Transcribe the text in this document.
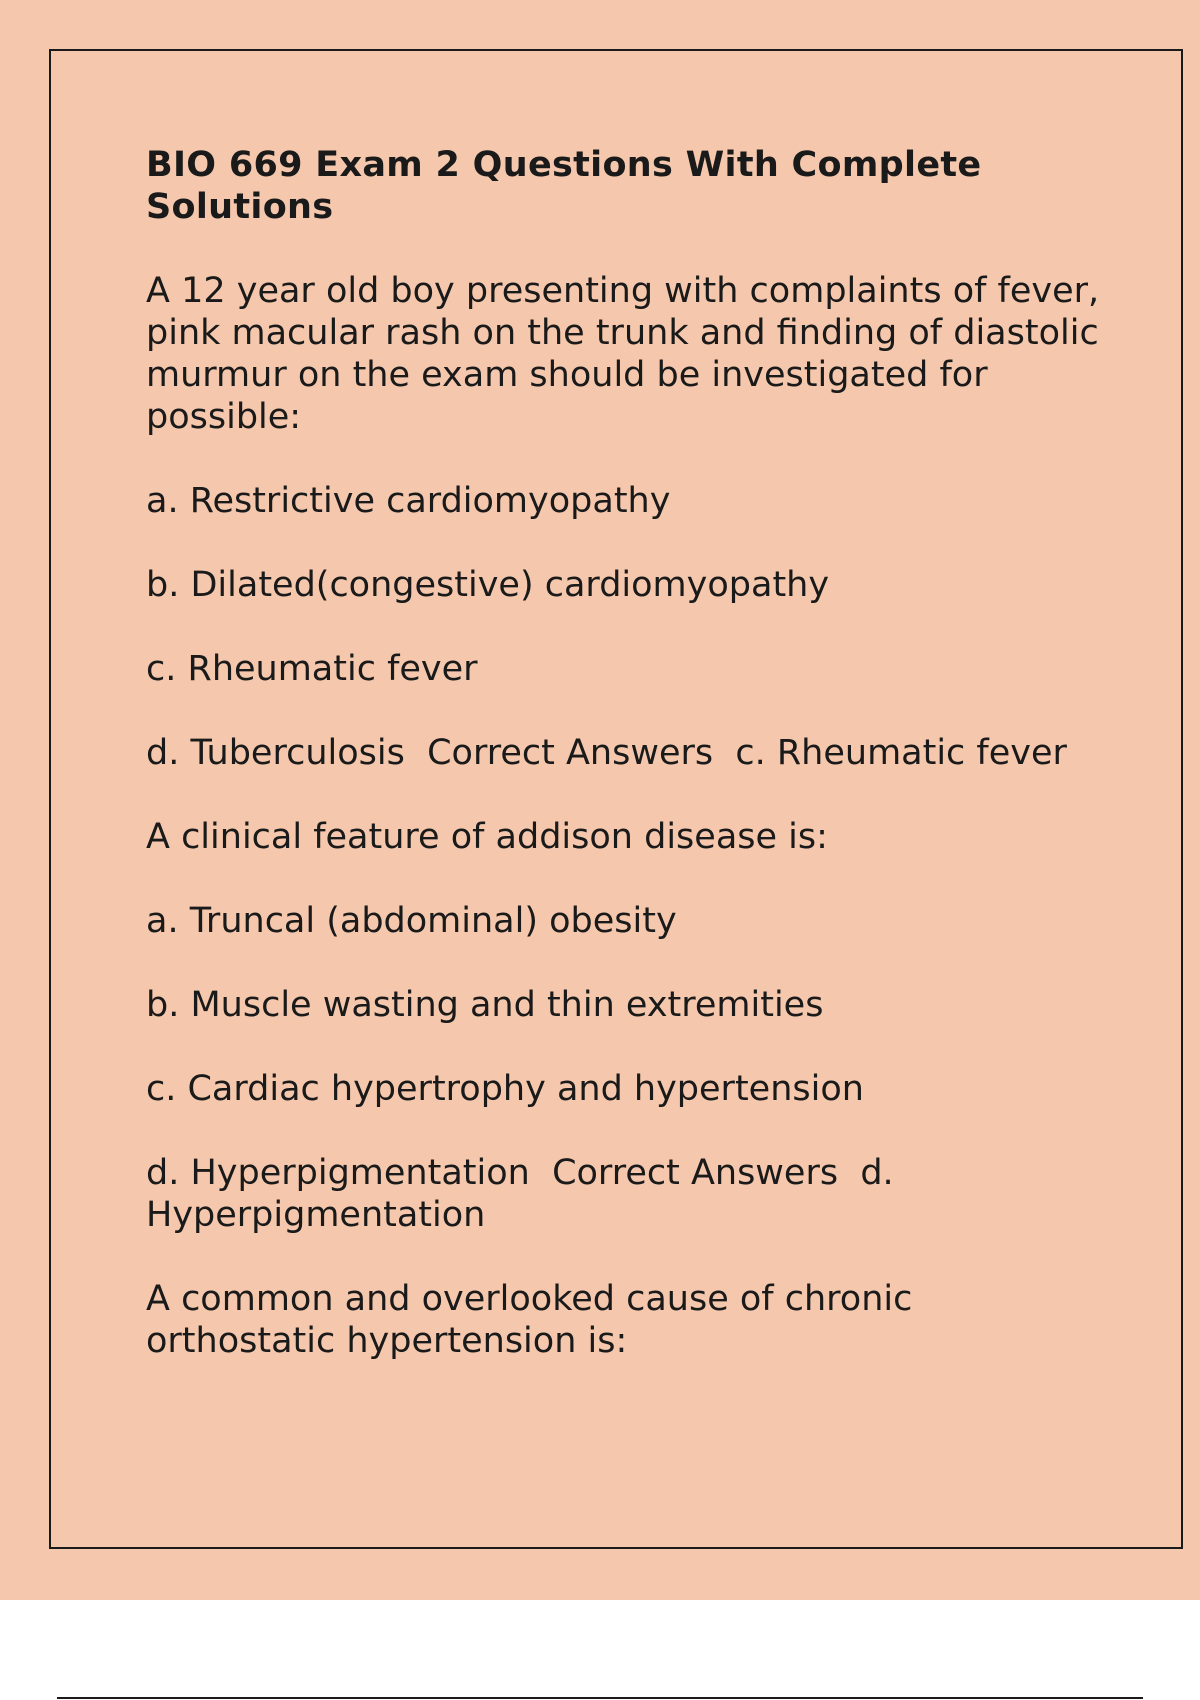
BIO 669 Exam 2 Questions With Complete Solutions

A 12 year old boy presenting with complaints of fever, pink macular rash on the trunk and finding of diastolic murmur on the exam should be investigated for possible:

a. Restrictive cardiomyopathy

b. Dilated(congestive) cardiomyopathy

c. Rheumatic fever

d. Tuberculosis  Correct Answers  c. Rheumatic fever

A clinical feature of addison disease is:

a. Truncal (abdominal) obesity

b. Muscle wasting and thin extremities

c. Cardiac hypertrophy and hypertension

d. Hyperpigmentation  Correct Answers  d. Hyperpigmentation

A common and overlooked cause of chronic orthostatic hypertension is:
